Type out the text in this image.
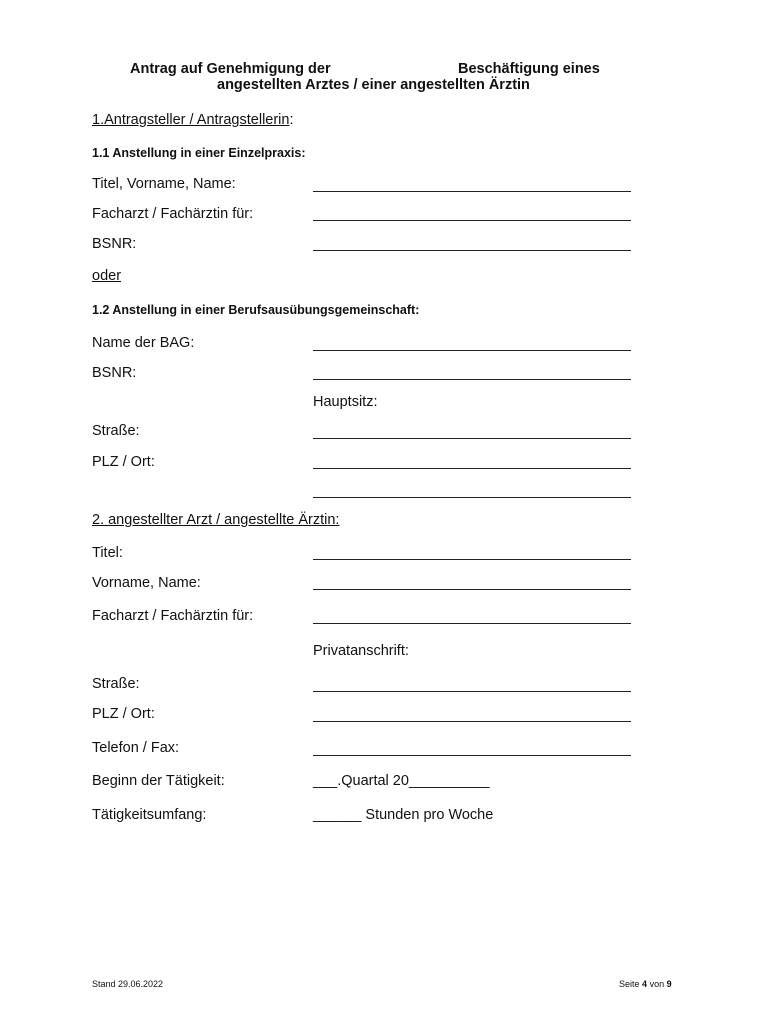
Antrag auf Genehmigung der	Beschäftigung eines
angestellten Arztes / einer angestellten Ärztin
1.Antragsteller / Antragstellerin:
1.1 Anstellung in einer Einzelpraxis:
Titel, Vorname, Name:
Facharzt / Fachärztin für:
BSNR:
oder
1.2 Anstellung in einer Berufsausübungsgemeinschaft:
Name der BAG:
BSNR:
Hauptsitz:
Straße:
PLZ / Ort:
2. angestellter Arzt / angestellte Ärztin:
Titel:
Vorname, Name:
Facharzt / Fachärztin für:
Privatanschrift:
Straße:
PLZ / Ort:
Telefon / Fax:
Beginn der Tätigkeit:	___.Quartal 20__________
Tätigkeitsumfang:	______ Stunden pro Woche
Stand 29.06.2022	Seite 4 von 9
